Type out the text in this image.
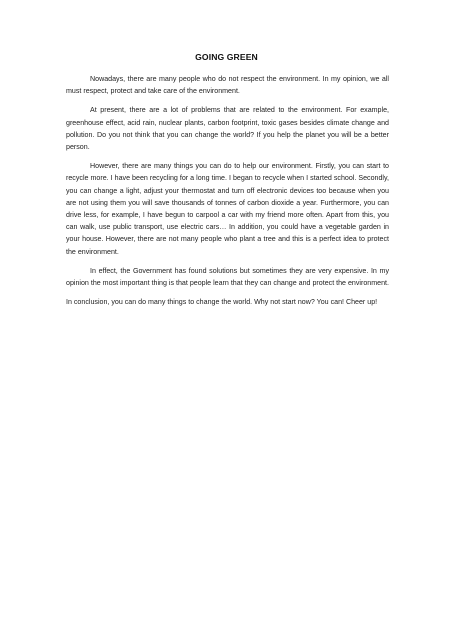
GOING GREEN

Nowadays, there are many people who do not respect the environment. In my opinion, we all must respect, protect and take care of the environment.

At present, there are a lot of problems that are related to the environment. For example, greenhouse effect, acid rain, nuclear plants, carbon footprint, toxic gases besides climate change and pollution. Do you not think that you can change the world? If you help the planet you will be a better person.

However, there are many things you can do to help our environment. Firstly, you can start to recycle more. I have been recycling for a long time. I began to recycle when I started school. Secondly, you can change a light, adjust your thermostat and turn off electronic devices too because when you are not using them you will save thousands of tonnes of carbon dioxide a year. Furthermore, you can drive less, for example, I have begun to carpool a car with my friend more often. Apart from this, you can walk, use public transport, use electric cars… In addition, you could have a vegetable garden in your house. However, there are not many people who plant a tree and this is a perfect idea to protect the environment.

In effect, the Government has found solutions but sometimes they are very expensive. In my opinion the most important thing is that people learn that they can change and protect the environment.

In conclusion, you can do many things to change the world. Why not start now? You can! Cheer up!
